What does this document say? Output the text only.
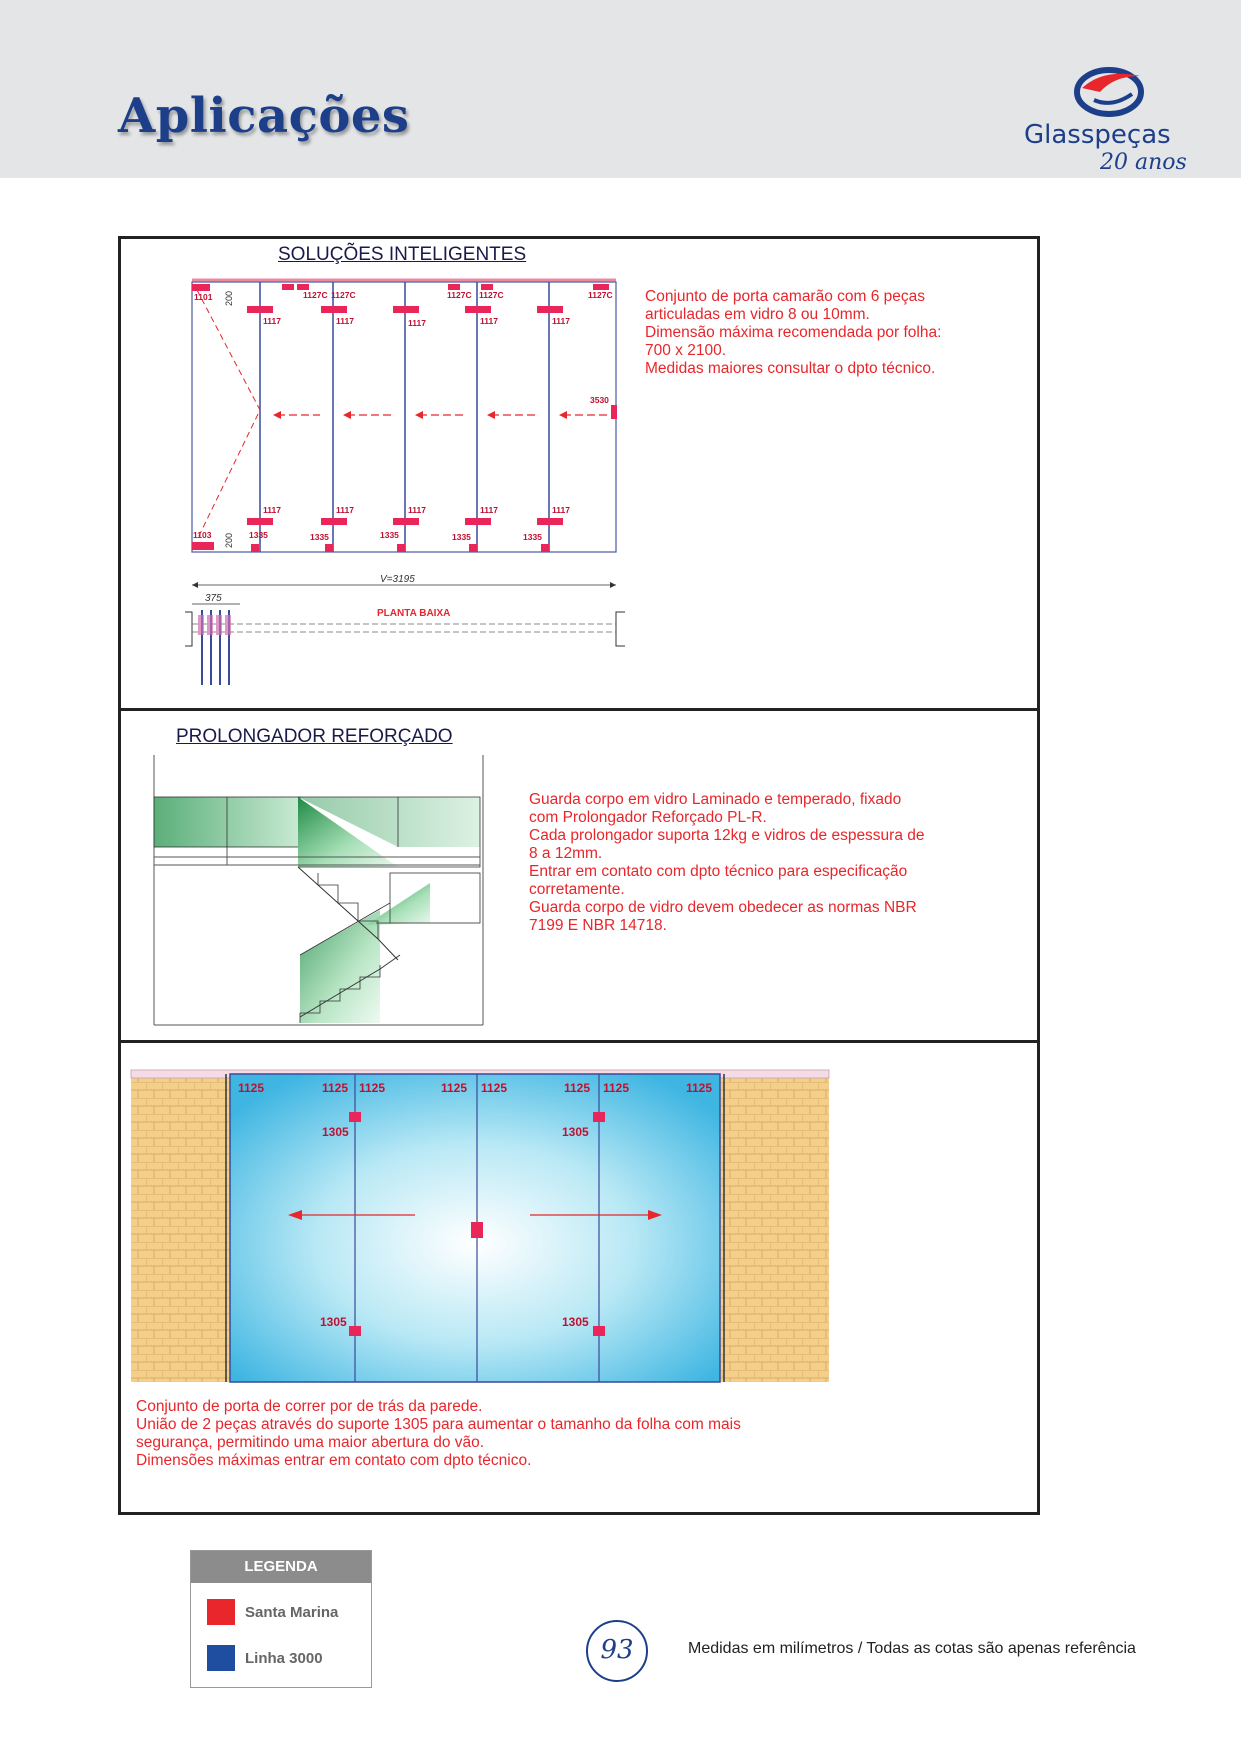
Aplicações	Glasspeças
20 anos
SOLUÇÕES INTELIGENTES
1101	1127C 1127C	1127C 1127C	1127C
1117	1117	1117	1117	1117
3530
1117	1117	1117	1117	1117
1103	1335	1335	1335	1335	1335
200
200
V=3195
375
PLANTA BAIXA
Conjunto de porta camarão com 6 peças
articuladas em vidro 8 ou 10mm.
Dimensão máxima recomendada por folha:
700 x 2100.
Medidas maiores consultar o dpto técnico.
PROLONGADOR REFORÇADO
Guarda corpo em vidro Laminado e temperado, fixado
com Prolongador Reforçado PL-R.
Cada prolongador suporta 12kg e vidros de espessura de
8 a 12mm.
Entrar em contato com dpto técnico para especificação
corretamente.
Guarda corpo de vidro devem obedecer as normas NBR
7199 E NBR 14718.
1125	1125 1125	1125 1125	1125 1125	1125
1305	1305
1305	1305
Conjunto de porta de correr por de trás da parede.
União de 2 peças através do suporte 1305 para aumentar o tamanho da folha com mais
segurança, permitindo uma maior abertura do vão.
Dimensões máximas entrar em contato com dpto técnico.
LEGENDA
Santa Marina
Linha 3000	93	Medidas em milímetros / Todas as cotas são apenas referência
